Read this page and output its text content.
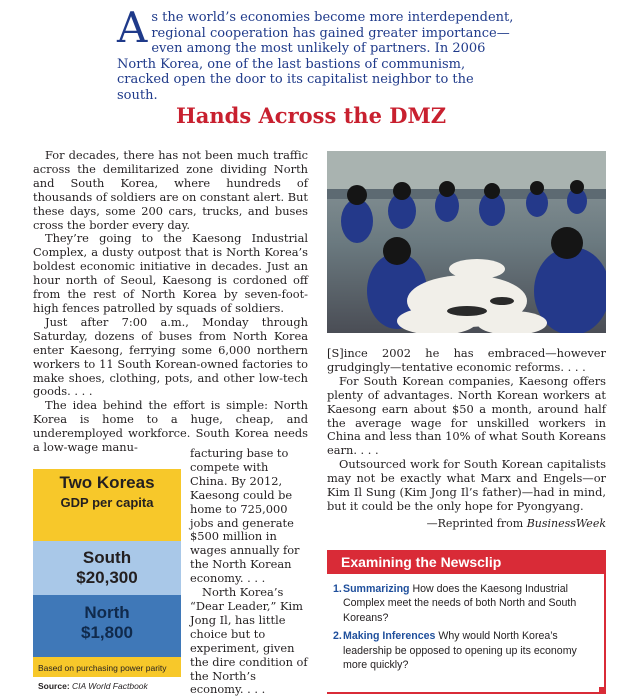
As the world’s economies become more interdependent, regional cooperation has gained greater importance—even among the most unlikely of partners. In 2006 North Korea, one of the last bastions of communism, cracked open the door to its capitalist neighbor to the south.
Hands Across the DMZ

For decades, there has not been much traffic across the demilitarized zone dividing North and South Korea, where hundreds of thousands of soldiers are on constant alert. But these days, some 200 cars, trucks, and buses cross the border every day.

They’re going to the Kaesong Industrial Complex, a dusty outpost that is North Korea’s boldest economic initiative in decades. Just an hour north of Seoul, Kaesong is cordoned off from the rest of North Korea by seven-foot-high fences patrolled by squads of soldiers.

Just after 7:00 a.m., Monday through Saturday, dozens of buses from North Korea enter Kaesong, ferrying some 6,000 northern workers to 11 South Korean-owned factories to make shoes, clothing, pots, and other low-tech goods. . . .

The idea behind the effort is simple: North Korea is home to a huge, cheap, and underemployed workforce. South Korea needs a low-wage manu-	facturing base to compete with China. By 2012, Kaesong could be home to 725,000 jobs and generate $500 million in wages annually for the North Korean economy. . . .

North Korea’s “Dear Leader,” Kim Jong Il, has little choice but to experiment, given the dire condition of the North’s economy. . . .

[S]ince 2002 he has embraced—however grudgingly—tentative economic reforms. . . .

For South Korean companies, Kaesong offers plenty of advantages. North Korean workers at Kaesong earn about $50 a month, around half the average wage for unskilled workers in China and less than 10% of what South Koreans earn. . . .

Outsourced work for South Korean capitalists may not be exactly what Marx and Engels—or Kim Il Sung (Kim Jong Il’s father)—had in mind, but it could be the only hope for Pyongyang.

—Reprinted from BusinessWeek
Two Koreas
GDP per capita
South
$20,300
North
$1,800
Based on purchasing power parity
Source: CIA World Factbook
Examining the Newsclip
1. Summarizing How does the Kaesong Industrial Complex meet the needs of both North and South Koreans?
2. Making Inferences Why would North Korea’s leadership be opposed to opening up its economy more quickly?
